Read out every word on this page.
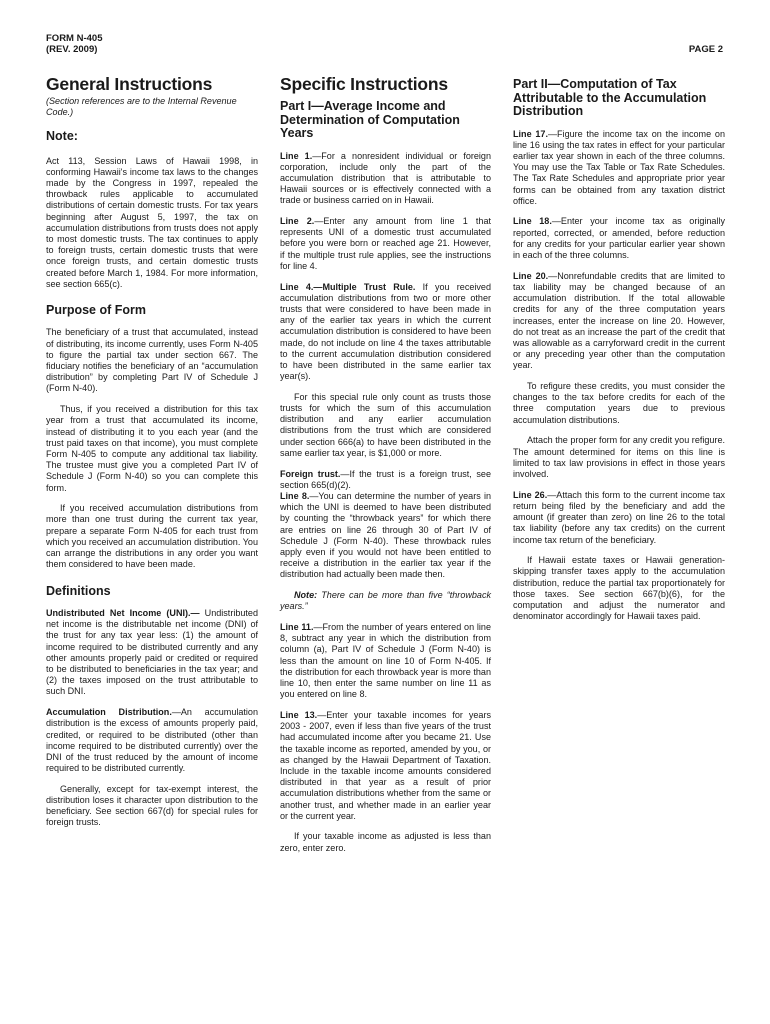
FORM N-405
(REV. 2009)	PAGE 2
General Instructions
(Section references are to the Internal Revenue Code.)
Note:

Act 113, Session Laws of Hawaii 1998, in conforming Hawaii's income tax laws to the changes made by the Congress in 1997, repealed the throwback rules applicable to accumulated distributions of certain domestic trusts. For tax years beginning after August 5, 1997, the tax on accumulation distributions from trusts does not apply to most domestic trusts. The tax continues to apply to foreign trusts, certain domestic trusts that were once foreign trusts, and certain domestic trusts created before March 1, 1984. For more information, see section 665(c).

Purpose of Form

The beneficiary of a trust that accumulated, instead of distributing, its income currently, uses Form N-405 to figure the partial tax under section 667. The fiduciary notifies the beneficiary of an “accumulation distribution” by completing Part IV of Schedule J (Form N-40).

Thus, if you received a distribution for this tax year from a trust that accumulated its income, instead of distributing it to you each year (and the trust paid taxes on that income), you must complete Form N-405 to compute any additional tax liability. The trustee must give you a completed Part IV of Schedule J (Form N-40) so you can complete this form.

If you received accumulation distributions from more than one trust during the current tax year, prepare a separate Form N-405 for each trust from which you received an accumulation distribution. You can arrange the distributions in any order you want them considered to have been made.

Definitions

Undistributed Net Income (UNI).— Undistributed net income is the distributable net income (DNI) of the trust for any tax year less: (1) the amount of income required to be distributed currently and any other amounts properly paid or credited or required to be distributed to beneficiaries in the tax year; and (2) the taxes imposed on the trust attributable to such DNI.

Accumulation Distribution.—An accumulation distribution is the excess of amounts properly paid, credited, or required to be distributed (other than income required to be distributed currently) over the DNI of the trust reduced by the amount of income required to be distributed currently.

Generally, except for tax-exempt interest, the distribution loses it character upon distribution to the beneficiary. See section 667(d) for special rules for foreign trusts.

Specific Instructions
Part I—Average Income and Determination of Computation Years

Line 1.—For a nonresident individual or foreign corporation, include only the part of the accumulation distribution that is attributable to Hawaii sources or is effectively connected with a trade or business carried on in Hawaii.

Line 2.—Enter any amount from line 1 that represents UNI of a domestic trust accumulated before you were born or reached age 21. However, if the multiple trust rule applies, see the instructions for line 4.

Line 4.—Multiple Trust Rule. If you received accumulation distributions from two or more other trusts that were considered to have been made in any of the earlier tax years in which the current accumulation distribution is considered to have been made, do not include on line 4 the taxes attributable to the current accumulation distribution considered to have been distributed in the same earlier tax year(s).

For this special rule only count as trusts those trusts for which the sum of this accumulation distribution and any earlier accumulation distributions from the trust which are considered under section 666(a) to have been distributed in the same earlier tax year, is $1,000 or more.

Foreign trust.—If the trust is a foreign trust, see section 665(d)(2).

Line 8.—You can determine the number of years in which the UNI is deemed to have been distributed by counting the “throwback years” for which there are entries on line 26 through 30 of Part IV of Schedule J (Form N-40). These throwback rules apply even if you would not have been entitled to receive a distribution in the earlier tax year if the distribution had actually been made then.

Note: There can be more than five “throwback years.”

Line 11.—From the number of years entered on line 8, subtract any year in which the distribution from column (a), Part IV of Schedule J (Form N-40) is less than the amount on line 10 of Form N-405. If the distribution for each throwback year is more than line 10, then enter the same number on line 11 as you entered on line 8.

Line 13.—Enter your taxable incomes for years 2003 - 2007, even if less than five years of the trust had accumulated income after you became 21. Use the taxable income as reported, amended by you, or as changed by the Hawaii Department of Taxation. Include in the taxable income amounts considered distributed in that year as a result of prior accumulation distributions whether from the same or another trust, and whether made in an earlier year or the current year.

If your taxable income as adjusted is less than zero, enter zero.

Part II—Computation of Tax Attributable to the Accumulation Distribution

Line 17.—Figure the income tax on the income on line 16 using the tax rates in effect for your particular earlier tax year shown in each of the three columns. You may use the Tax Table or Tax Rate Schedules. The Tax Rate Schedules and appropriate prior year forms can be obtained from any taxation district office.

Line 18.—Enter your income tax as originally reported, corrected, or amended, before reduction for any credits for your particular earlier year shown in each of the three columns.

Line 20.—Nonrefundable credits that are limited to tax liability may be changed because of an accumulation distribution. If the total allowable credits for any of the three computation years increases, enter the increase on line 20. However, do not treat as an increase the part of the credit that was allowable as a carryforward credit in the current or any preceding year other than the computation year.

To refigure these credits, you must consider the changes to the tax before credits for each of the three computation years due to previous accumulation distributions.

Attach the proper form for any credit you refigure. The amount determined for items on this line is limited to tax law provisions in effect in those years involved.

Line 26.—Attach this form to the current income tax return being filed by the beneficiary and add the amount (if greater than zero) on line 26 to the total tax liability (before any tax credits) on the current income tax return of the beneficiary.

If Hawaii estate taxes or Hawaii generation-skipping transfer taxes apply to the accumulation distribution, reduce the partial tax proportionately for those taxes. See section 667(b)(6), for the computation and adjust the numerator and denominator accordingly for Hawaii taxes paid.
